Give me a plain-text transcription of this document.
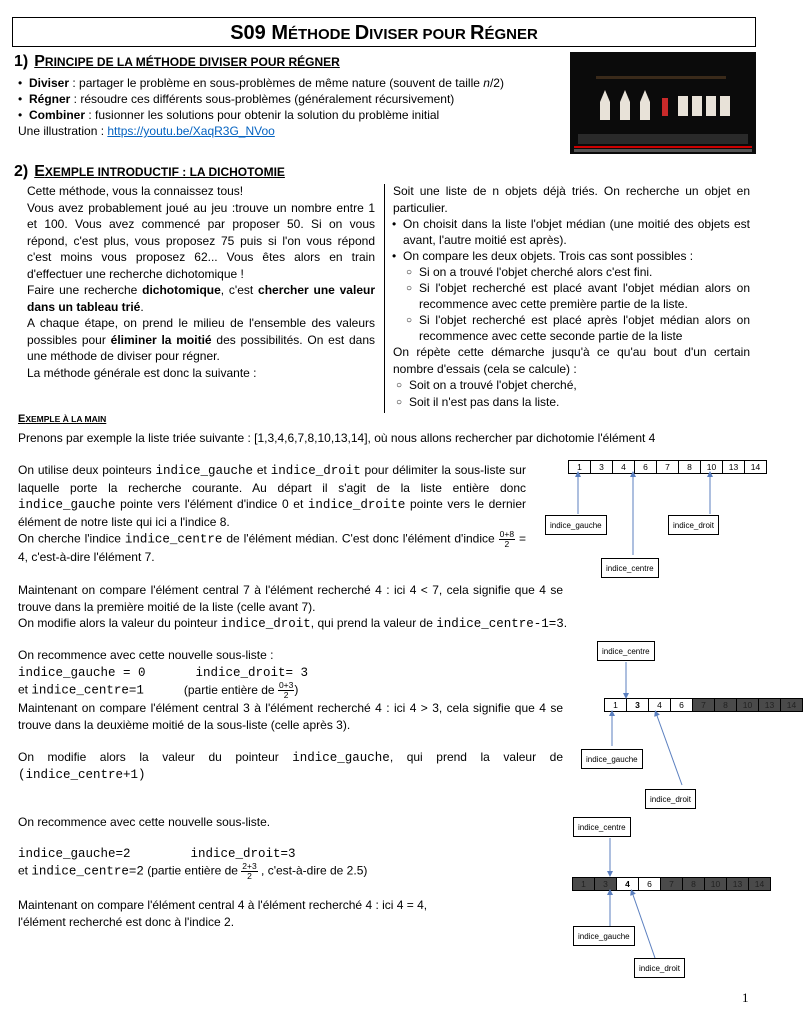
S09 MÉTHODE DIVISER POUR RÉGNER
1) PRINCIPE DE LA MÉTHODE DIVISER POUR RÉGNER
• Diviser : partager le problème en sous-problèmes de même nature (souvent de taille n/2)
• Régner : résoudre ces différents sous-problèmes (généralement récursivement)
• Combiner : fusionner les solutions pour obtenir la solution du problème initial
Une illustration : https://youtu.be/XaqR3G_NVoo
2) EXEMPLE INTRODUCTIF : LA DICHOTOMIE
Cette méthode, vous la connaissez tous!
Vous avez probablement joué au jeu :trouve un nombre entre 1 et 100. Vous avez commencé par proposer 50. Si on vous répond, c'est plus, vous proposez 75 puis si l'on vous répond c'est moins vous proposez 62... Vous êtes alors en train d'effectuer une recherche dichotomique !
Faire une recherche dichotomique, c'est chercher une valeur dans un tableau trié.
A chaque étape, on prend le milieu de l'ensemble des valeurs possibles pour éliminer la moitié des possibilités. On est dans une méthode de diviser pour régner.
La méthode générale est donc la suivante :
Soit une liste de n objets déjà triés. On recherche un objet en particulier.
• On choisit dans la liste l'objet médian (une moitié des objets est avant, l'autre moitié est après).
• On compare les deux objets. Trois cas sont possibles :
○ Si on a trouvé l'objet cherché alors c'est fini.
○ Si l'objet recherché est placé avant l'objet médian alors on recommence avec cette première partie de la liste.
○ Si l'objet recherché est placé après l'objet médian alors on recommence avec cette seconde partie de la liste
On répète cette démarche jusqu'à ce qu'au bout d'un certain nombre d'essais (cela se calcule) :
○ Soit on a trouvé l'objet cherché,
○ Soit il n'est pas dans la liste.
EXEMPLE À LA MAIN
Prenons par exemple la liste triée suivante : [1,3,4,6,7,8,10,13,14], où nous allons rechercher par dichotomie l'élément 4
On utilise deux pointeurs indice_gauche et indice_droit pour délimiter la sous-liste sur laquelle porte la recherche courante. Au départ il s'agit de la liste entière donc indice_gauche pointe vers l'élément d'indice 0 et indice_droite pointe vers le dernier élément de notre liste qui ici a l'indice 8.
On cherche l'indice indice_centre de l'élément médian. C'est donc l'élément d'indice $\frac{0+8}{2} = 4$, c'est-à-dire l'élément 7.
1	3	4	6	7	8	10	13	14
indice_gauche	indice_droit
indice_centre
Maintenant on compare l'élément central 7 à l'élément recherché 4 : ici 4 < 7, cela signifie que 4 se trouve dans la première moitié de la liste (celle avant 7).
On modifie alors la valeur du pointeur indice_droit, qui prend la valeur de indice_centre-1=3.
On recommence avec cette nouvelle sous-liste :
indice_gauche = 0	indice_droit= 3
et indice_centre=1	(partie entière de $\frac{0+3}{2}$ )
Maintenant on compare l'élément central 3 à l'élément recherché 4 : ici 4 > 3, cela signifie que 4 se trouve dans la deuxième moitié de la sous-liste (celle après 3).
On modifie alors la valeur du pointeur indice_gauche, qui prend la valeur de
(indice_centre+1)
indice_centre
1	3	4	6	7	8	10	13	14
indice_gauche
indice_droit
On recommence avec cette nouvelle sous-liste.
indice_gauche=2	indice_droit=3
et indice_centre=2 (partie entière de $\frac{2+3}{2}$ , c'est-à-dire de 2.5)
Maintenant on compare l'élément central 4 à l'élément recherché 4 : ici 4 = 4,
l'élément recherché est donc à l'indice 2.
indice_centre
1	3	4	6	7	8	10	13	14
indice_gauche
indice_droit
1
